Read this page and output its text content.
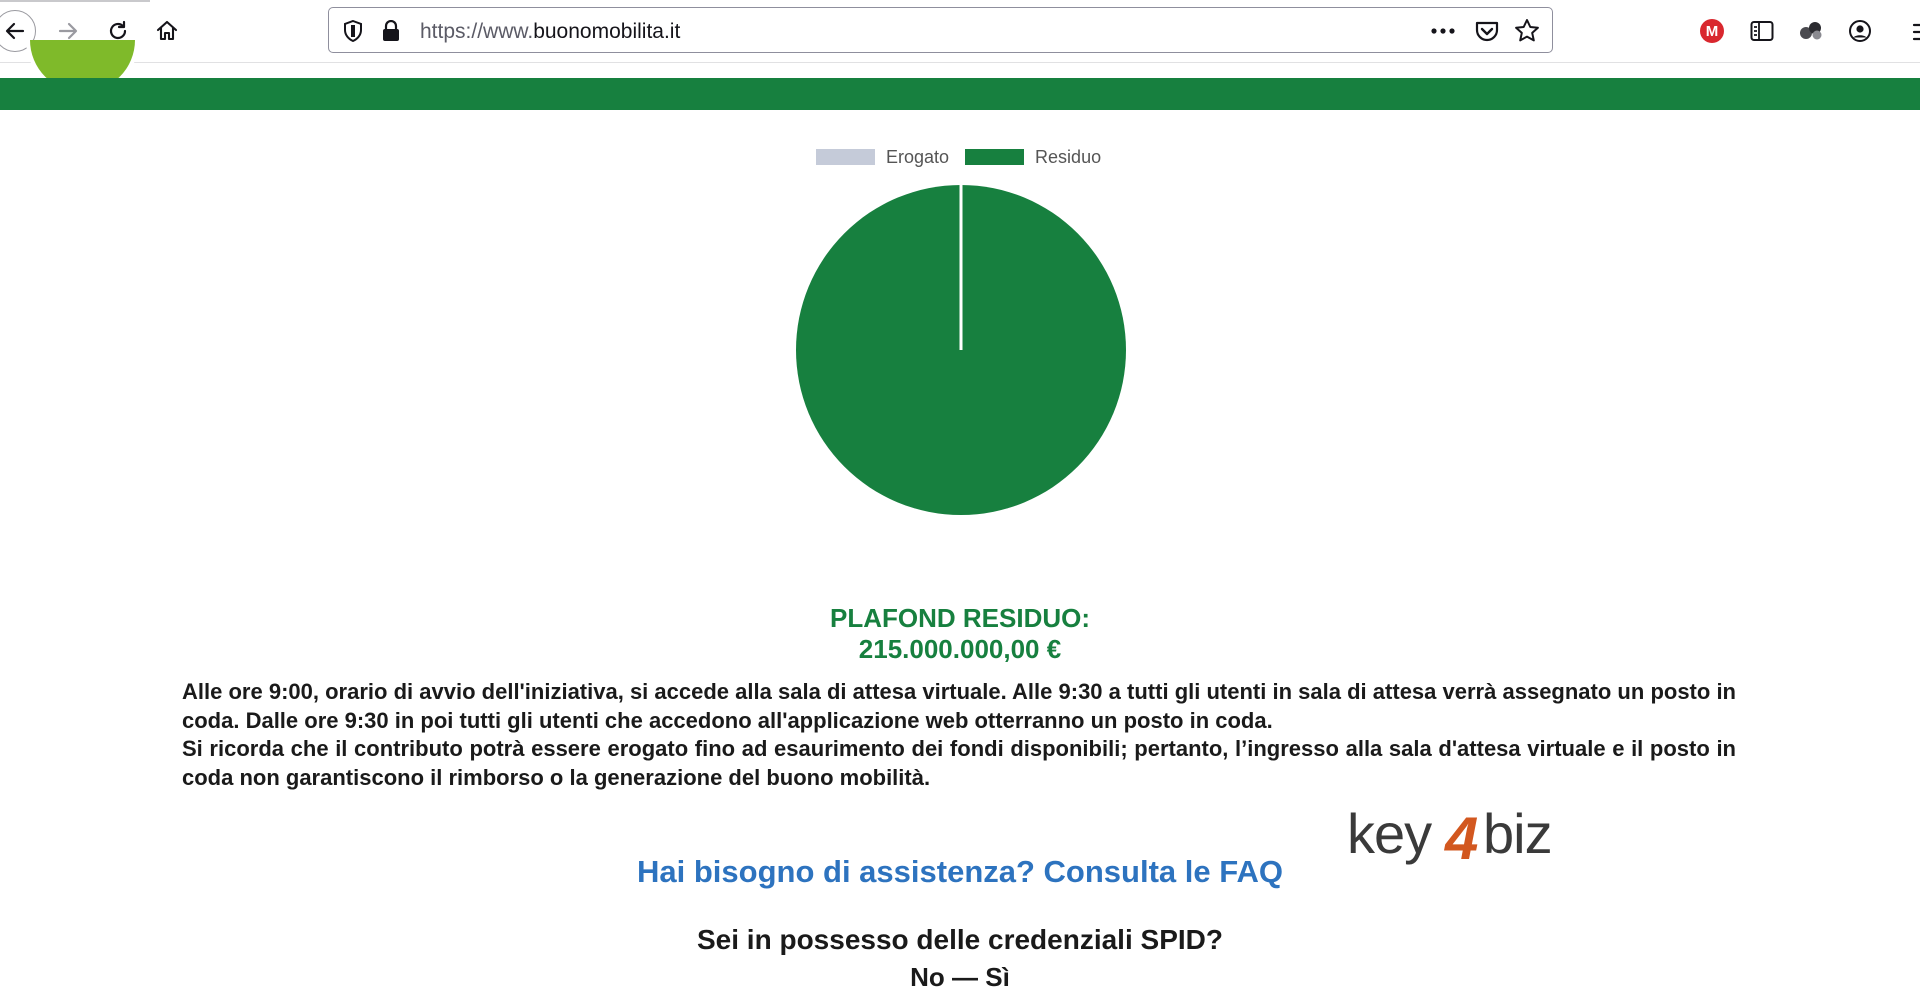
https://www.buonomobilita.it	M
Erogato	Residuo
PLAFOND RESIDUO:
215.000.000,00 €

Alle ore 9:00, orario di avvio dell'iniziativa, si accede alla sala di attesa virtuale. Alle 9:30 a tutti gli utenti in sala di attesa verrà assegnato un posto in coda. Dalle ore 9:30 in poi tutti gli utenti che accedono all'applicazione web otterranno un posto in coda.

Si ricorda che il contributo potrà essere erogato fino ad esaurimento dei fondi disponibili; pertanto, l’ingresso alla sala d'attesa virtuale e il posto in coda non garantiscono il rimborso o la generazione del buono mobilità.

key 4 biz
Hai bisogno di assistenza? Consulta le FAQ
Sei in possesso delle credenziali SPID?
No — Sì
